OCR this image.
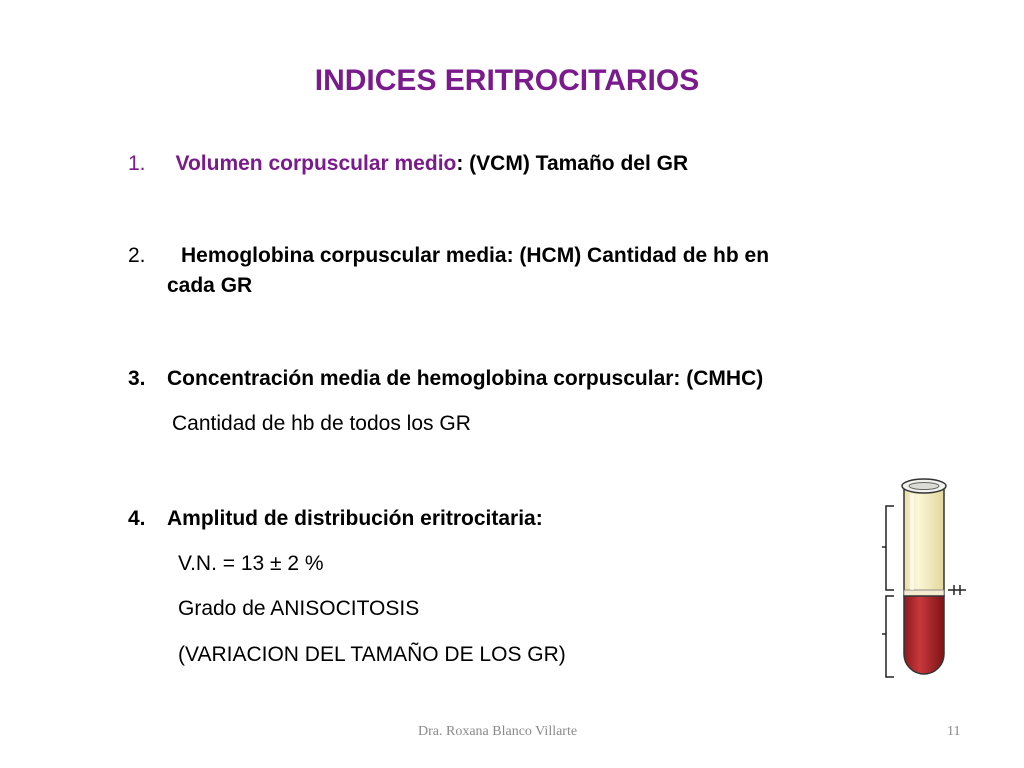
INDICES ERITROCITARIOS
1. Volumen corpuscular medio: (VCM) Tamaño del GR
2. Hemoglobina corpuscular media: (HCM) Cantidad de hb en
cada GR
3. Concentración media de hemoglobina corpuscular: (CMHC)
Cantidad de hb de todos los GR
4. Amplitud de distribución eritrocitaria:
V.N. = 13 ± 2 %
Grado de ANISOCITOSIS
(VARIACION DEL TAMAÑO DE LOS GR)
Dra. Roxana Blanco Villarte	11
